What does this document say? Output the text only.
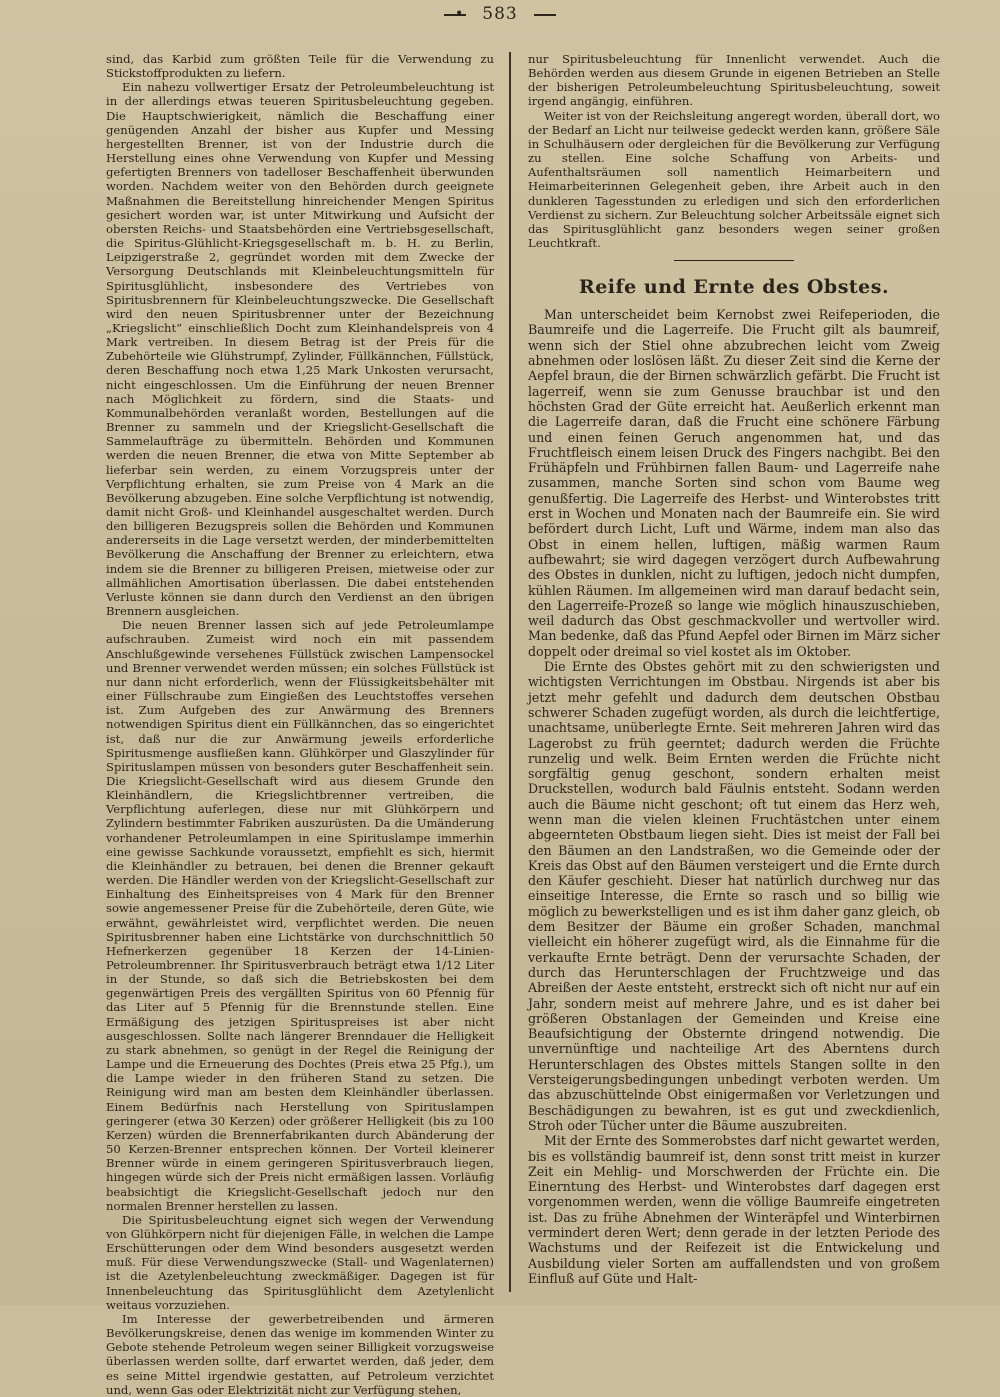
• 583

sind, das Karbid zum größten Teile für die Verwendung zu Stickstoffprodukten zu liefern.

Ein nahezu vollwertiger Ersatz der Petroleumbeleuchtung ist in der allerdings etwas teueren Spiritusbeleuchtung gegeben. Die Hauptschwierigkeit, nämlich die Beschaffung einer genügenden Anzahl der bisher aus Kupfer und Messing hergestellten Brenner, ist von der Industrie durch die Herstellung eines ohne Verwendung von Kupfer und Messing gefertigten Brenners von tadelloser Beschaffenheit überwunden worden. Nachdem weiter von den Behörden durch geeignete Maßnahmen die Bereitstellung hinreichender Mengen Spiritus gesichert worden war, ist unter Mitwirkung und Aufsicht der obersten Reichs- und Staatsbehörden eine Vertriebsgesellschaft, die Spiritus-Glühlicht-Kriegsgesellschaft m. b. H. zu Berlin, Leipzigerstraße 2, gegründet worden mit dem Zwecke der Versorgung Deutschlands mit Kleinbeleuchtungsmitteln für Spiritusglühlicht, insbesondere des Vertriebes von Spiritusbrennern für Kleinbeleuchtungszwecke. Die Gesellschaft wird den neuen Spiritusbrenner unter der Bezeichnung „Kriegslicht“ einschließlich Docht zum Kleinhandelspreis von 4 Mark vertreiben. In diesem Betrag ist der Preis für die Zubehörteile wie Glühstrumpf, Zylinder, Füllkännchen, Füllstück, deren Beschaffung noch etwa 1,25 Mark Unkosten verursacht, nicht eingeschlossen. Um die Einführung der neuen Brenner nach Möglichkeit zu fördern, sind die Staats- und Kommunalbehörden veranlaßt worden, Bestellungen auf die Brenner zu sammeln und der Kriegslicht-Gesellschaft die Sammelaufträge zu übermitteln. Behörden und Kommunen werden die neuen Brenner, die etwa von Mitte September ab lieferbar sein werden, zu einem Vorzugspreis unter der Verpflichtung erhalten, sie zum Preise von 4 Mark an die Bevölkerung abzugeben. Eine solche Verpflichtung ist notwendig, damit nicht Groß- und Kleinhandel ausgeschaltet werden. Durch den billigeren Bezugspreis sollen die Behörden und Kommunen andererseits in die Lage versetzt werden, der minderbemittelten Bevölkerung die Anschaffung der Brenner zu erleichtern, etwa indem sie die Brenner zu billigeren Preisen, mietweise oder zur allmählichen Amortisation überlassen. Die dabei entstehenden Verluste können sie dann durch den Verdienst an den übrigen Brennern ausgleichen.

Die neuen Brenner lassen sich auf jede Petroleumlampe aufschrauben. Zumeist wird noch ein mit passendem Anschlußgewinde versehenes Füllstück zwischen Lampensockel und Brenner verwendet werden müssen; ein solches Füllstück ist nur dann nicht erforderlich, wenn der Flüssigkeitsbehälter mit einer Füllschraube zum Eingießen des Leuchtstoffes versehen ist. Zum Aufgeben des zur Anwärmung des Brenners notwendigen Spiritus dient ein Füllkännchen, das so eingerichtet ist, daß nur die zur Anwärmung jeweils erforderliche Spiritusmenge ausfließen kann. Glühkörper und Glaszylinder für Spirituslampen müssen von besonders guter Beschaffenheit sein. Die Kriegslicht-Gesellschaft wird aus diesem Grunde den Kleinhändlern, die Kriegslichtbrenner vertreiben, die Verpflichtung auferlegen, diese nur mit Glühkörpern und Zylindern bestimmter Fabriken auszurüsten. Da die Umänderung vorhandener Petroleumlampen in eine Spirituslampe immerhin eine gewisse Sachkunde voraussetzt, empfiehlt es sich, hiermit die Kleinhändler zu betrauen, bei denen die Brenner gekauft werden. Die Händler werden von der Kriegslicht-Gesellschaft zur Einhaltung des Einheitspreises von 4 Mark für den Brenner sowie angemessener Preise für die Zubehörteile, deren Güte, wie erwähnt, gewährleistet wird, verpflichtet werden. Die neuen Spiritusbrenner haben eine Lichtstärke von durchschnittlich 50 Hefnerkerzen gegenüber 18 Kerzen der 14-Linien-Petroleumbrenner. Ihr Spiritusverbrauch beträgt etwa 1/12 Liter in der Stunde, so daß sich die Betriebskosten bei dem gegenwärtigen Preis des vergällten Spiritus von 60 Pfennig für das Liter auf 5 Pfennig für die Brennstunde stellen. Eine Ermäßigung des jetzigen Spirituspreises ist aber nicht ausgeschlossen. Sollte nach längerer Brenndauer die Helligkeit zu stark abnehmen, so genügt in der Regel die Reinigung der Lampe und die Erneuerung des Dochtes (Preis etwa 25 Pfg.), um die Lampe wieder in den früheren Stand zu setzen. Die Reinigung wird man am besten dem Kleinhändler überlassen. Einem Bedürfnis nach Herstellung von Spirituslampen geringerer (etwa 30 Kerzen) oder größerer Helligkeit (bis zu 100 Kerzen) würden die Brennerfabrikanten durch Abänderung der 50 Kerzen-Brenner entsprechen können. Der Vorteil kleinerer Brenner würde in einem geringeren Spiritusverbrauch liegen, hingegen würde sich der Preis nicht ermäßigen lassen. Vorläufig beabsichtigt die Kriegslicht-Gesellschaft jedoch nur den normalen Brenner herstellen zu lassen.

Die Spiritusbeleuchtung eignet sich wegen der Verwendung von Glühkörpern nicht für diejenigen Fälle, in welchen die Lampe Erschütterungen oder dem Wind besonders ausgesetzt werden muß. Für diese Verwendungszwecke (Stall- und Wagenlaternen) ist die Azetylenbeleuchtung zweckmäßiger. Dagegen ist für Innenbeleuchtung das Spiritusglühlicht dem Azetylenlicht weitaus vorzuziehen.

Im Interesse der gewerbetreibenden und ärmeren Bevölkerungskreise, denen das wenige im kommenden Winter zu Gebote stehende Petroleum wegen seiner Billigkeit vorzugsweise überlassen werden sollte, darf erwartet werden, daß jeder, dem es seine Mittel irgendwie gestatten, auf Petroleum verzichtet und, wenn Gas oder Elektrizität nicht zur Verfügung stehen,

nur Spiritusbeleuchtung für Innenlicht verwendet. Auch die Behörden werden aus diesem Grunde in eigenen Betrieben an Stelle der bisherigen Petroleumbeleuchtung Spiritusbeleuchtung, soweit irgend angängig, einführen.

Weiter ist von der Reichsleitung angeregt worden, überall dort, wo der Bedarf an Licht nur teilweise gedeckt werden kann, größere Säle in Schulhäusern oder dergleichen für die Bevölkerung zur Verfügung zu stellen. Eine solche Schaffung von Arbeits- und Aufenthaltsräumen soll namentlich Heimarbeitern und Heimarbeiterinnen Gelegenheit geben, ihre Arbeit auch in den dunkleren Tagesstunden zu erledigen und sich den erforderlichen Verdienst zu sichern. Zur Beleuchtung solcher Arbeitssäle eignet sich das Spiritusglühlicht ganz besonders wegen seiner großen Leuchtkraft.

Reife und Ernte des Obstes.

Man unterscheidet beim Kernobst zwei Reifeperioden, die Baumreife und die Lagerreife. Die Frucht gilt als baumreif, wenn sich der Stiel ohne abzubrechen leicht vom Zweig abnehmen oder loslösen läßt. Zu dieser Zeit sind die Kerne der Aepfel braun, die der Birnen schwärzlich gefärbt. Die Frucht ist lagerreif, wenn sie zum Genusse brauchbar ist und den höchsten Grad der Güte erreicht hat. Aeußerlich erkennt man die Lagerreife daran, daß die Frucht eine schönere Färbung und einen feinen Geruch angenommen hat, und das Fruchtfleisch einem leisen Druck des Fingers nachgibt. Bei den Frühäpfeln und Frühbirnen fallen Baum- und Lagerreife nahe zusammen, manche Sorten sind schon vom Baume weg genußfertig. Die Lagerreife des Herbst- und Winterobstes tritt erst in Wochen und Monaten nach der Baumreife ein. Sie wird befördert durch Licht, Luft und Wärme, indem man also das Obst in einem hellen, luftigen, mäßig warmen Raum aufbewahrt; sie wird dagegen verzögert durch Aufbewahrung des Obstes in dunklen, nicht zu luftigen, jedoch nicht dumpfen, kühlen Räumen. Im allgemeinen wird man darauf bedacht sein, den Lagerreife-Prozeß so lange wie möglich hinauszuschieben, weil dadurch das Obst geschmackvoller und wertvoller wird. Man bedenke, daß das Pfund Aepfel oder Birnen im März sicher doppelt oder dreimal so viel kostet als im Oktober.

Die Ernte des Obstes gehört mit zu den schwierigsten und wichtigsten Verrichtungen im Obstbau. Nirgends ist aber bis jetzt mehr gefehlt und dadurch dem deutschen Obstbau schwerer Schaden zugefügt worden, als durch die leichtfertige, unachtsame, unüberlegte Ernte. Seit mehreren Jahren wird das Lagerobst zu früh geerntet; dadurch werden die Früchte runzelig und welk. Beim Ernten werden die Früchte nicht sorgfältig genug geschont, sondern erhalten meist Druckstellen, wodurch bald Fäulnis entsteht. Sodann werden auch die Bäume nicht geschont; oft tut einem das Herz weh, wenn man die vielen kleinen Fruchtästchen unter einem abgeernteten Obstbaum liegen sieht. Dies ist meist der Fall bei den Bäumen an den Landstraßen, wo die Gemeinde oder der Kreis das Obst auf den Bäumen versteigert und die Ernte durch den Käufer geschieht. Dieser hat natürlich durchweg nur das einseitige Interesse, die Ernte so rasch und so billig wie möglich zu bewerkstelligen und es ist ihm daher ganz gleich, ob dem Besitzer der Bäume ein großer Schaden, manchmal vielleicht ein höherer zugefügt wird, als die Einnahme für die verkaufte Ernte beträgt. Denn der verursachte Schaden, der durch das Herunterschlagen der Fruchtzweige und das Abreißen der Aeste entsteht, erstreckt sich oft nicht nur auf ein Jahr, sondern meist auf mehrere Jahre, und es ist daher bei größeren Obstanlagen der Gemeinden und Kreise eine Beaufsichtigung der Obsternte dringend notwendig. Die unvernünftige und nachteilige Art des Aberntens durch Herunterschlagen des Obstes mittels Stangen sollte in den Versteigerungsbedingungen unbedingt verboten werden. Um das abzuschüttelnde Obst einigermaßen vor Verletzungen und Beschädigungen zu bewahren, ist es gut und zweckdienlich, Stroh oder Tücher unter die Bäume auszubreiten.

Mit der Ernte des Sommerobstes darf nicht gewartet werden, bis es vollständig baumreif ist, denn sonst tritt meist in kurzer Zeit ein Mehlig- und Morschwerden der Früchte ein. Die Einerntung des Herbst- und Winterobstes darf dagegen erst vorgenommen werden, wenn die völlige Baumreife eingetreten ist. Das zu frühe Abnehmen der Winteräpfel und Winterbirnen vermindert deren Wert; denn gerade in der letzten Periode des Wachstums und der Reifezeit ist die Entwickelung und Ausbildung vieler Sorten am auffallendsten und von großem Einfluß auf Güte und Halt-
